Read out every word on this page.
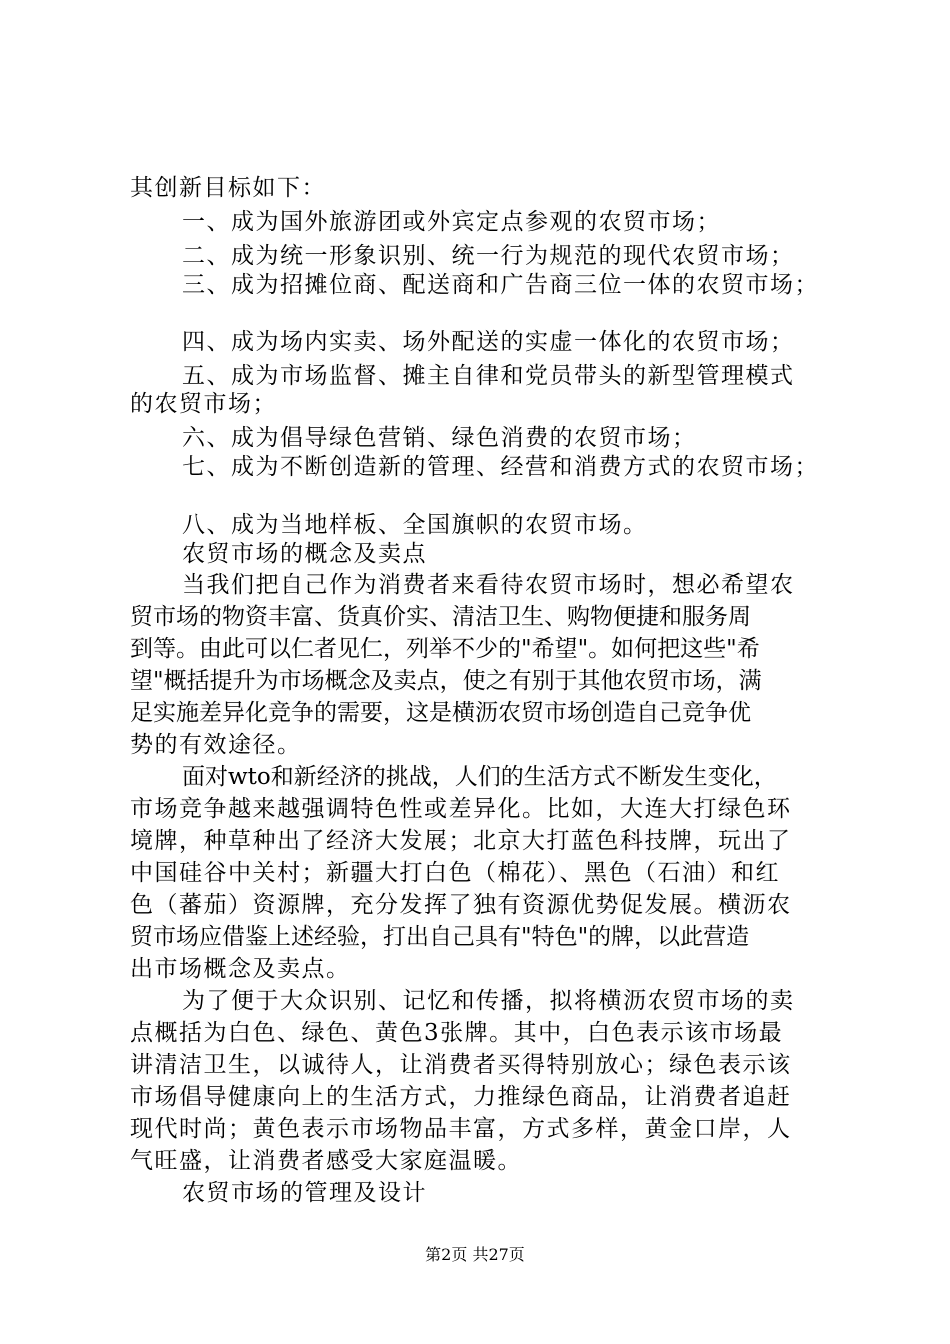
其创新目标如下：
一、成为国外旅游团或外宾定点参观的农贸市场；
二、成为统一形象识别、统一行为规范的现代农贸市场；
三、成为招摊位商、配送商和广告商三位一体的农贸市场；
四、成为场内实卖、场外配送的实虚一体化的农贸市场；
五、成为市场监督、摊主自律和党员带头的新型管理模式
的农贸市场；
六、成为倡导绿色营销、绿色消费的农贸市场；
七、成为不断创造新的管理、经营和消费方式的农贸市场；
八、成为当地样板、全国旗帜的农贸市场。
农贸市场的概念及卖点
当我们把自己作为消费者来看待农贸市场时，想必希望农
贸市场的物资丰富、货真价实、清洁卫生、购物便捷和服务周
到等。由此可以仁者见仁，列举不少的"希望"。如何把这些"希
望"概括提升为市场概念及卖点，使之有别于其他农贸市场，满
足实施差异化竞争的需要，这是横沥农贸市场创造自己竞争优
势的有效途径。
面对wto和新经济的挑战，人们的生活方式不断发生变化，
市场竞争越来越强调特色性或差异化。比如，大连大打绿色环
境牌，种草种出了经济大发展；北京大打蓝色科技牌，玩出了
中国硅谷中关村；新疆大打白色（棉花）、黑色（石油）和红
色（蕃茄）资源牌，充分发挥了独有资源优势促发展。横沥农
贸市场应借鉴上述经验，打出自己具有"特色"的牌，以此营造
出市场概念及卖点。
为了便于大众识别、记忆和传播，拟将横沥农贸市场的卖
点概括为白色、绿色、黄色3张牌。其中，白色表示该市场最
讲清洁卫生，以诚待人，让消费者买得特别放心；绿色表示该
市场倡导健康向上的生活方式，力推绿色商品，让消费者追赶
现代时尚；黄色表示市场物品丰富，方式多样，黄金口岸，人
气旺盛，让消费者感受大家庭温暖。
农贸市场的管理及设计
第2页 共27页
